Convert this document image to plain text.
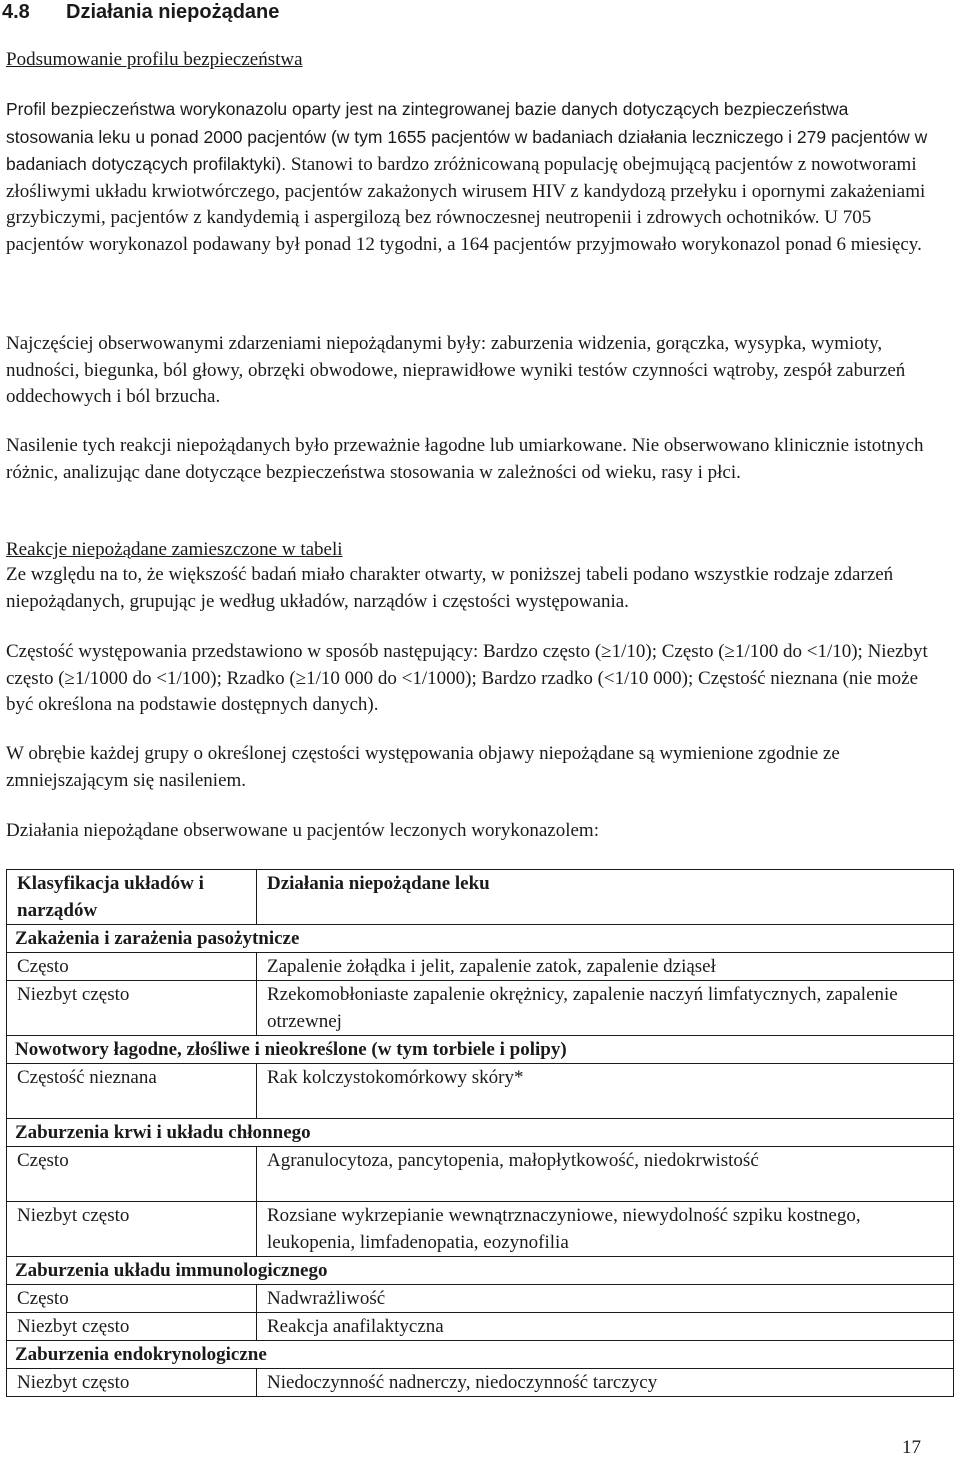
4.8 Działania niepożądane
Podsumowanie profilu bezpieczeństwa

Profil bezpieczeństwa worykonazolu oparty jest na zintegrowanej bazie danych dotyczących bezpieczeństwa stosowania leku u ponad 2000 pacjentów (w tym 1655 pacjentów w badaniach działania leczniczego i 279 pacjentów w badaniach dotyczących profilaktyki). Stanowi to bardzo zróżnicowaną populację obejmującą pacjentów z nowotworami złośliwymi układu krwiotwórczego, pacjentów zakażonych wirusem HIV z kandydozą przełyku i opornymi zakażeniami grzybiczymi, pacjentów z kandydemią i aspergilozą bez równoczesnej neutropenii i zdrowych ochotników. U 705 pacjentów worykonazol podawany był ponad 12 tygodni, a 164 pacjentów przyjmowało worykonazol ponad 6 miesięcy.

Najczęściej obserwowanymi zdarzeniami niepożądanymi były: zaburzenia widzenia, gorączka, wysypka, wymioty, nudności, biegunka, ból głowy, obrzęki obwodowe, nieprawidłowe wyniki testów czynności wątroby, zespół zaburzeń oddechowych i ból brzucha.

Nasilenie tych reakcji niepożądanych było przeważnie łagodne lub umiarkowane. Nie obserwowano klinicznie istotnych różnic, analizując dane dotyczące bezpieczeństwa stosowania w zależności od wieku, rasy i płci.

Reakcje niepożądane zamieszczone w tabeli

Ze względu na to, że większość badań miało charakter otwarty, w poniższej tabeli podano wszystkie rodzaje zdarzeń niepożądanych, grupując je według układów, narządów i częstości występowania.

Częstość występowania przedstawiono w sposób następujący: Bardzo często (≥1/10); Często (≥1/100 do <1/10); Niezbyt często (≥1/1000 do <1/100); Rzadko (≥1/10 000 do <1/1000); Bardzo rzadko (<1/10 000); Częstość nieznana (nie może być określona na podstawie dostępnych danych).

W obrębie każdej grupy o określonej częstości występowania objawy niepożądane są wymienione zgodnie ze zmniejszającym się nasileniem.

Działania niepożądane obserwowane u pacjentów leczonych worykonazolem:

Klasyfikacja układów i narządów	Działania niepożądane leku
Zakażenia i zarażenia pasożytnicze	
Często	Zapalenie żołądka i jelit, zapalenie zatok, zapalenie dziąseł
Niezbyt często	Rzekomobłoniaste zapalenie okrężnicy, zapalenie naczyń limfatycznych, zapalenie otrzewnej
Nowotwory łagodne, złośliwe i nieokreślone (w tym torbiele i polipy)	
Częstość nieznana	Rak kolczystokomórkowy skóry*
Zaburzenia krwi i układu chłonnego	
Często	Agranulocytoza, pancytopenia, małopłytkowość, niedokrwistość
Niezbyt często	Rozsiane wykrzepianie wewnątrznaczyniowe, niewydolność szpiku kostnego, leukopenia, limfadenopatia, eozynofilia
Zaburzenia układu immunologicznego	
Często	Nadwrażliwość
Niezbyt często	Reakcja anafilaktyczna
Zaburzenia endokrynologiczne	
Niezbyt często	Niedoczynność nadnerczy, niedoczynność tarczycy
17
